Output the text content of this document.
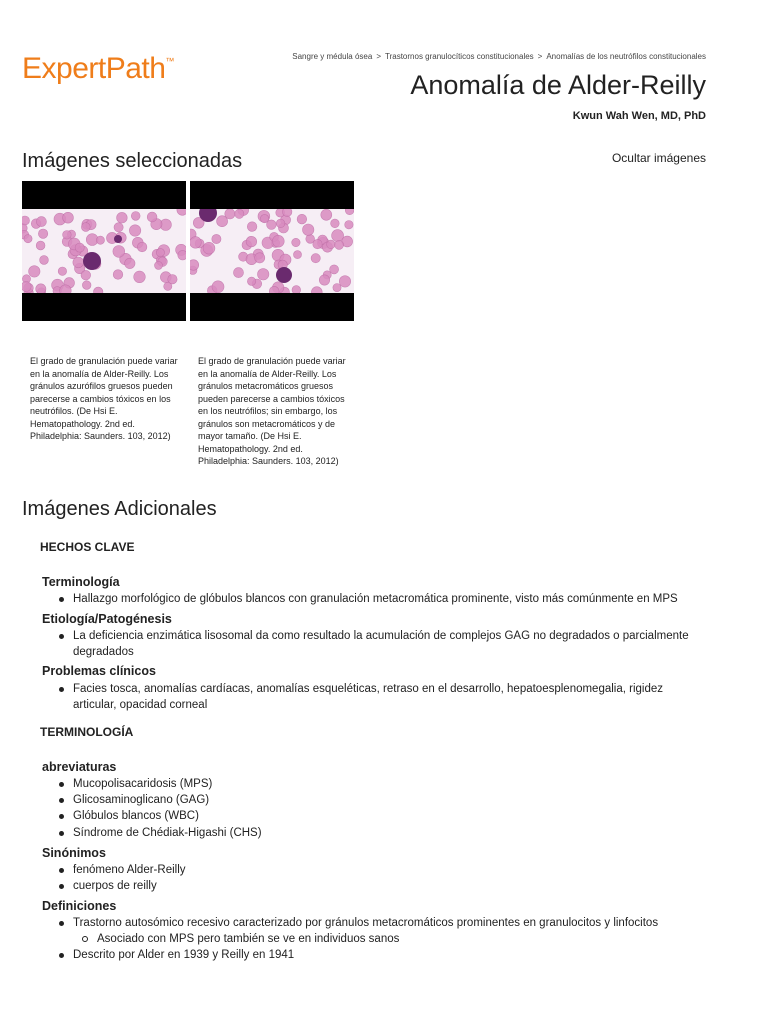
ExpertPath™	Sangre y médula ósea > Trastornos granulocíticos constitucionales > Anomalías de los neutrófilos constitucionales
Anomalía de Alder-Reilly
Kwun Wah Wen, MD, PhD
Imágenes seleccionadas	Ocultar imágenes
El grado de granulación puede variar en la anomalía de Alder-Reilly. Los gránulos azurófilos gruesos pueden parecerse a cambios tóxicos en los neutrófilos. (De Hsi E. Hematopathology. 2nd ed. Philadelphia: Saunders. 103, 2012)
El grado de granulación puede variar en la anomalía de Alder-Reilly. Los gránulos metacromáticos gruesos pueden parecerse a cambios tóxicos en los neutrófilos; sin embargo, los gránulos son metacromáticos y de mayor tamaño. (De Hsi E. Hematopathology. 2nd ed. Philadelphia: Saunders. 103, 2012)
Imágenes Adicionales
HECHOS CLAVE
Terminología
Hallazgo morfológico de glóbulos blancos con granulación metacromática prominente, visto más comúnmente en MPS
Etiología/Patogénesis
La deficiencia enzimática lisosomal da como resultado la acumulación de complejos GAG no degradados o parcialmente degradados
Problemas clínicos
Facies tosca, anomalías cardíacas, anomalías esqueléticas, retraso en el desarrollo, hepatoesplenomegalia, rigidez articular, opacidad corneal
TERMINOLOGÍA
abreviaturas
Mucopolisacaridosis (MPS)
Glicosaminoglicano (GAG)
Glóbulos blancos (WBC)
Síndrome de Chédiak-Higashi (CHS)
Sinónimos
fenómeno Alder-Reilly
cuerpos de reilly
Definiciones
Trastorno autosómico recesivo caracterizado por gránulos metacromáticos prominentes en granulocitos y linfocitos
Asociado con MPS pero también se ve en individuos sanos
Descrito por Alder en 1939 y Reilly en 1941
